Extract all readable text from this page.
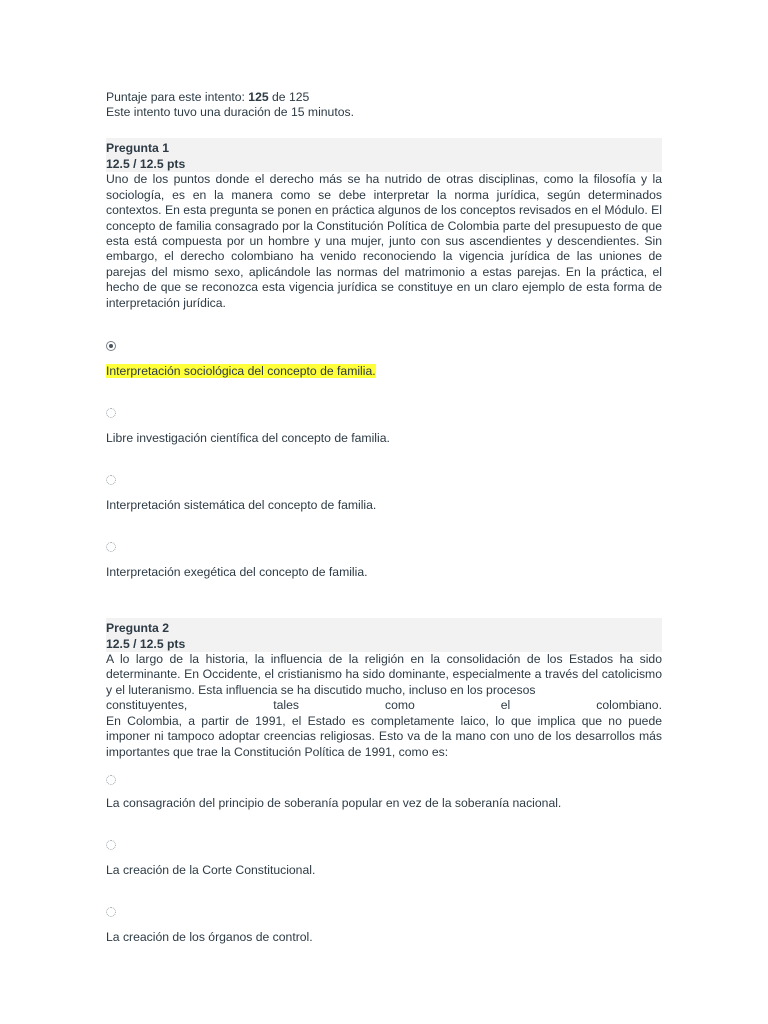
Puntaje para este intento: 125 de 125
Este intento tuvo una duración de 15 minutos.
Pregunta 1
12.5 / 12.5 pts
Uno de los puntos donde el derecho más se ha nutrido de otras disciplinas, como la filosofía y la sociología, es en la manera como se debe interpretar la norma jurídica, según determinados contextos. En esta pregunta se ponen en práctica algunos de los conceptos revisados en el Módulo. El concepto de familia consagrado por la Constitución Política de Colombia parte del presupuesto de que esta está compuesta por un hombre y una mujer, junto con sus ascendientes y descendientes. Sin embargo, el derecho colombiano ha venido reconociendo la vigencia jurídica de las uniones de parejas del mismo sexo, aplicándole las normas del matrimonio a estas parejas. En la práctica, el hecho de que se reconozca esta vigencia jurídica se constituye en un claro ejemplo de esta forma de interpretación jurídica.
Interpretación sociológica del concepto de familia.
Libre investigación científica del concepto de familia.
Interpretación sistemática del concepto de familia.
Interpretación exegética del concepto de familia.
Pregunta 2
12.5 / 12.5 pts
A lo largo de la historia, la influencia de la religión en la consolidación de los Estados ha sido determinante. En Occidente, el cristianismo ha sido dominante, especialmente a través del catolicismo y el luteranismo. Esta influencia se ha discutido mucho, incluso en los procesos
constituyentes,	tales	como	el	colombiano.
En Colombia, a partir de 1991, el Estado es completamente laico, lo que implica que no puede imponer ni tampoco adoptar creencias religiosas. Esto va de la mano con uno de los desarrollos más importantes que trae la Constitución Política de 1991, como es:
La consagración del principio de soberanía popular en vez de la soberanía nacional.
La creación de la Corte Constitucional.
La creación de los órganos de control.
